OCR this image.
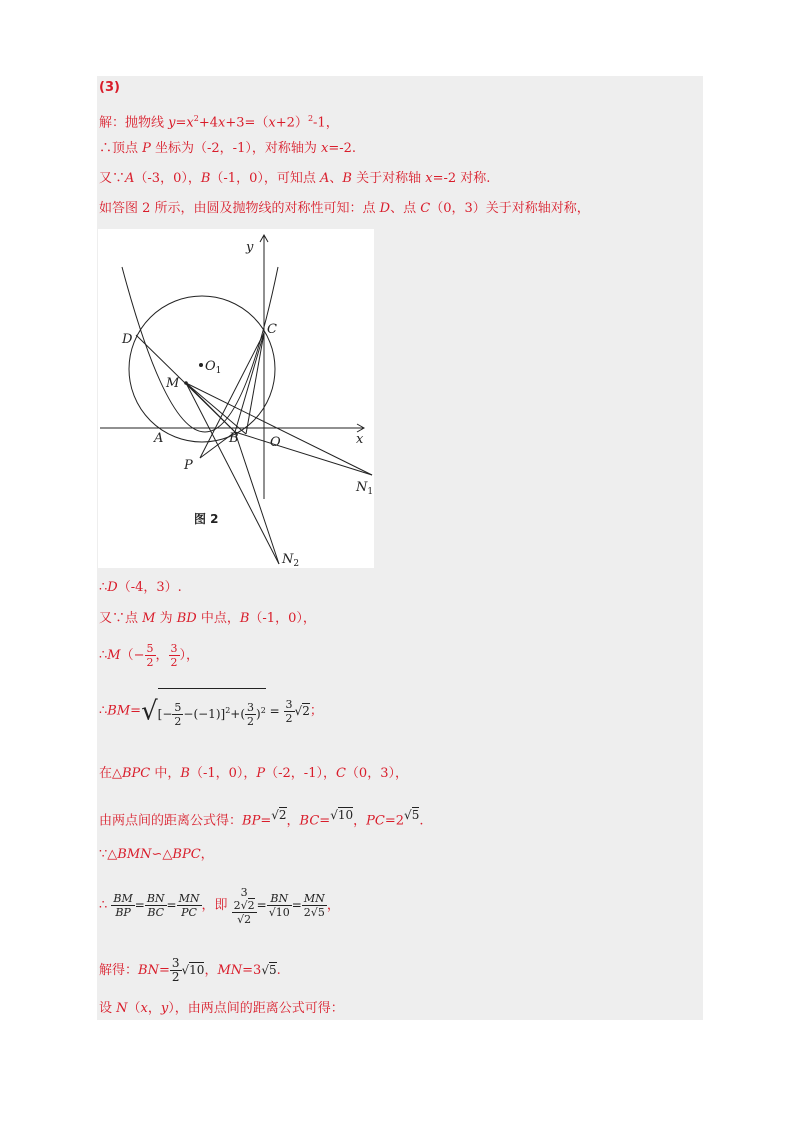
(3)
解：抛物线 $y=x^2+4x+3=(x+2)^2-1$，
∴顶点 P 坐标为（-2，-1），对称轴为 x=-2.
又∵A（-3，0），B（-1，0），可知点 A、B 关于对称轴 x=-2 对称.
如答图 2 所示，由圆及抛物线的对称性可知：点 D、点 C（0，3）关于对称轴对称，
y
x
D
C
$O_1$
M
A	B O
P
$N_1$
$N_2$
图 2
∴D（-4，3）.
又∵点 M 为 BD 中点，B（-1，0），
∴M（− $\frac{5}{2}$ ， $\frac{3}{2}$ ），
∴BM=√[− $\frac{5}{2} -(-1)]^2+( \frac{3}{2} )^2 = \frac{3}{2} √2$；
在△BPC 中，B（-1，0），P（-2，-1），C（0，3），
由两点间的距离公式得：BP=$^{√2}$，BC=$^{√10}$，$PC=2^{√5}$.
∵△BMN∽△BPC，
∴ $\frac{BM}{BP} = \frac{BN}{BC} = \frac{MN}{PC}$ ，即
3
2√2
√2
= $\frac{BN}{√10} = \frac{MN}{2√5}$ ，
解得：$BN= \frac{3}{2} √10$，MN=3√5.
设 N（x，y），由两点间的距离公式可得：
